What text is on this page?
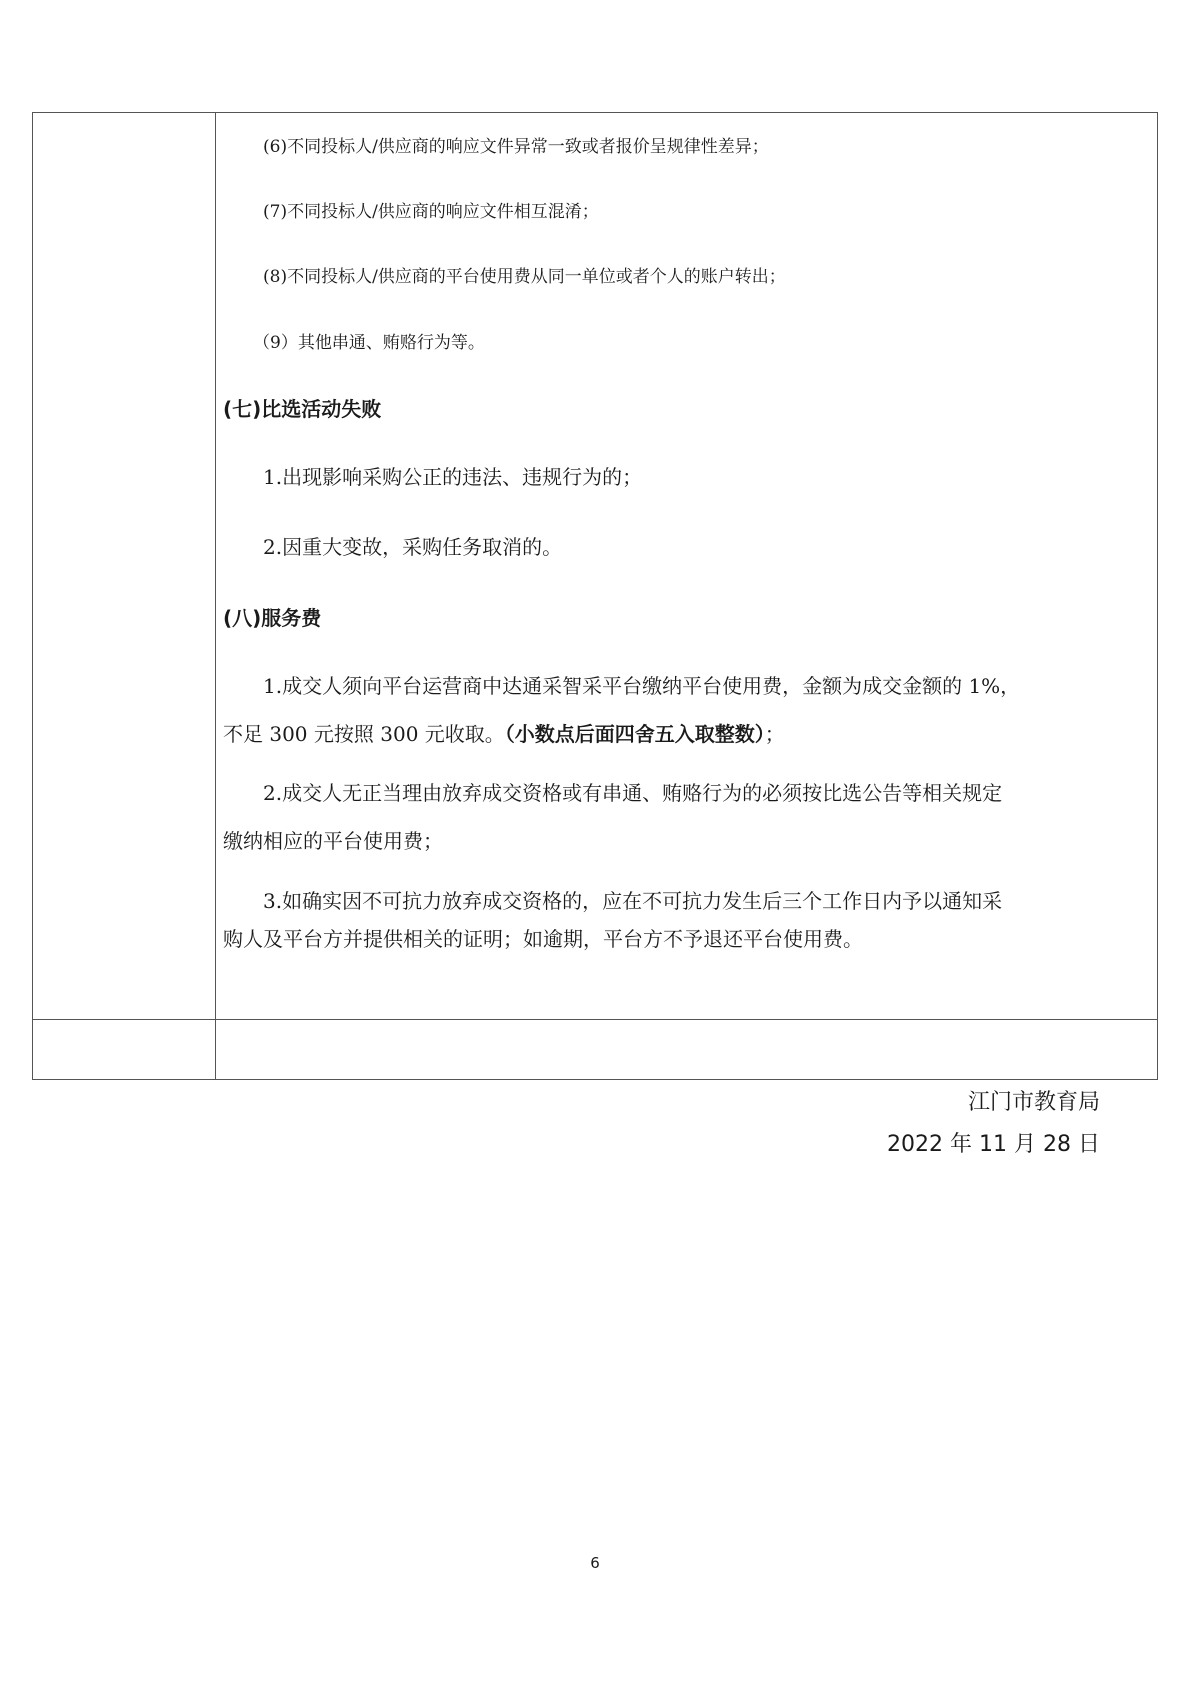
(6)不同投标人/供应商的响应文件异常一致或者报价呈规律性差异；
(7)不同投标人/供应商的响应文件相互混淆；
(8)不同投标人/供应商的平台使用费从同一单位或者个人的账户转出；
（9）其他串通、贿赂行为等。
(七)比选活动失败
1.出现影响采购公正的违法、违规行为的；
2.因重大变故，采购任务取消的。
(八)服务费
1.成交人须向平台运营商中达通采智采平台缴纳平台使用费，金额为成交金额的 1%，
不足 300 元按照 300 元收取。（小数点后面四舍五入取整数）；
2.成交人无正当理由放弃成交资格或有串通、贿赂行为的必须按比选公告等相关规定
缴纳相应的平台使用费；
3.如确实因不可抗力放弃成交资格的，应在不可抗力发生后三个工作日内予以通知采
购人及平台方并提供相关的证明；如逾期，平台方不予退还平台使用费。
江门市教育局
2022 年 11 月 28 日
6
